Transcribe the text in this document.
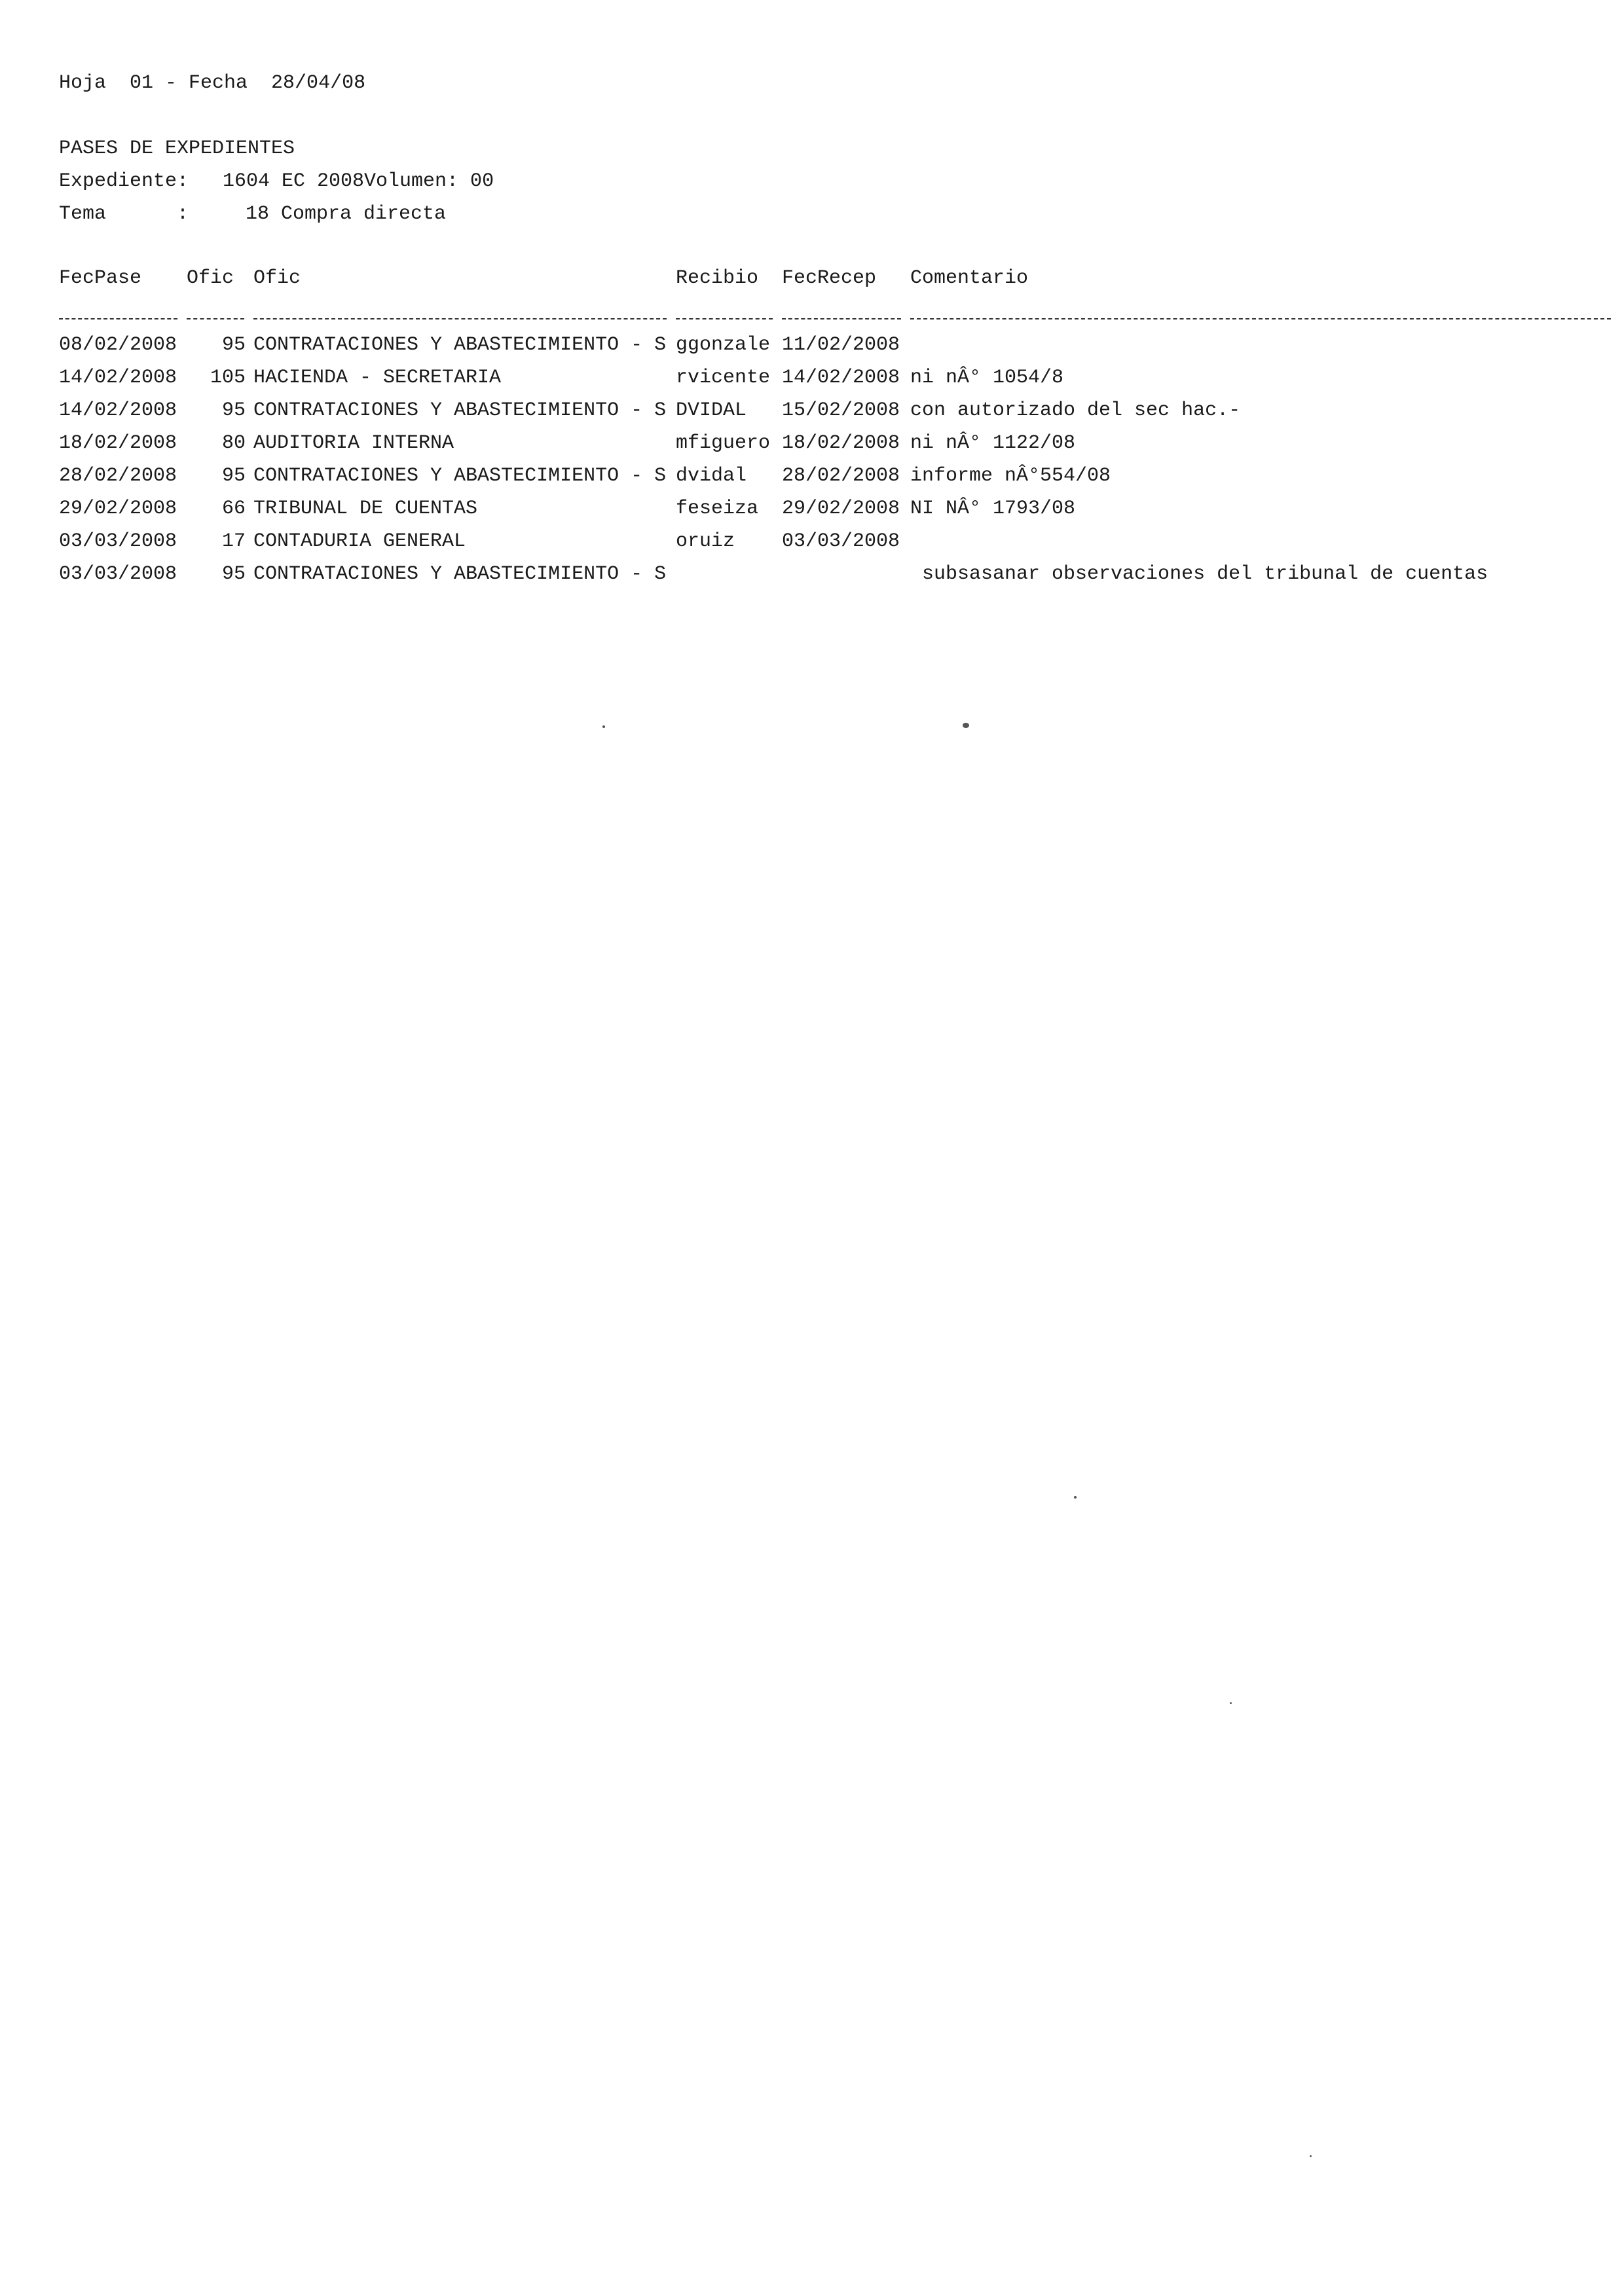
Hoja  01 - Fecha  28/04/08
PASES DE EXPEDIENTES

Expediente:

1604 EC 2008Volumen: 00

Tema

	:

	18 Compra directa

FecPase	Ofic	Ofic	Recibio	FecRecep	Comentario

08/02/2008	95	CONTRATACIONES Y ABASTECIMIENTO - S	ggonzale	11/02/2008	
14/02/2008	105	HACIENDA - SECRETARIA	rvicente	14/02/2008	ni nÂ° 1054/8
14/02/2008	95	CONTRATACIONES Y ABASTECIMIENTO - S	DVIDAL	15/02/2008	con autorizado del sec hac.-
18/02/2008	80	AUDITORIA INTERNA	mfiguero	18/02/2008	ni nÂ° 1122/08
28/02/2008	95	CONTRATACIONES Y ABASTECIMIENTO - S	dvidal	28/02/2008	informe nÂ°554/08
29/02/2008	66	TRIBUNAL DE CUENTAS	feseiza	29/02/2008	NI NÂ° 1793/08
03/03/2008	17	CONTADURIA GENERAL	oruiz	03/03/2008	
03/03/2008	95	CONTRATACIONES Y ABASTECIMIENTO - S			subsasanar observaciones del tribunal de cuentas
